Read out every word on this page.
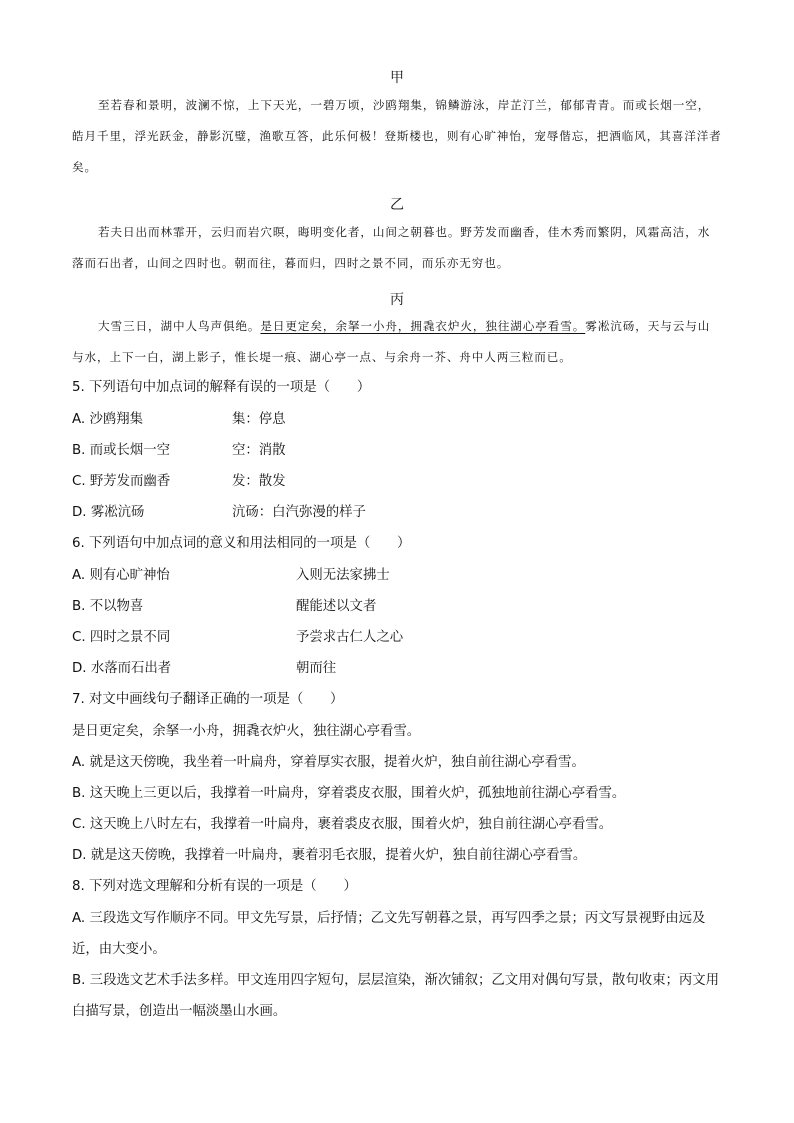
甲
至若春和景明，波澜不惊，上下天光，一碧万顷，沙鸥翔集，锦鳞游泳，岸芷汀兰，郁郁青青。而或长烟一空，皓月千里，浮光跃金，静影沉璧，渔歌互答，此乐何极！登斯楼也，则有心旷神怡，宠辱偕忘，把酒临风，其喜洋洋者矣。
乙
若夫日出而林霏开，云归而岩穴暝，晦明变化者，山间之朝暮也。野芳发而幽香，佳木秀而繁阴，风霜高洁，水落而石出者，山间之四时也。朝而往，暮而归，四时之景不同，而乐亦无穷也。
丙
大雪三日，湖中人鸟声俱绝。是日更定矣，余拏一小舟，拥毳衣炉火，独往湖心亭看雪。雾凇沆砀，天与云与山与水，上下一白，湖上影子，惟长堤一痕、湖心亭一点、与余舟一芥、舟中人两三粒而已。
5. 下列语句中加点词的解释有误的一项是（　　）
A. 沙鸥翔集	集：停息
B. 而或长烟一空	空：消散
C. 野芳发而幽香	发：散发
D. 雾凇沆砀	沆砀：白汽弥漫的样子
6. 下列语句中加点词的意义和用法相同的一项是（　　）
A. 则有心旷神怡	入则无法家拂士
B. 不以物喜	醒能述以文者
C. 四时之景不同	予尝求古仁人之心
D. 水落而石出者	朝而往
7. 对文中画线句子翻译正确的一项是（　　）
是日更定矣，余拏一小舟，拥毳衣炉火，独往湖心亭看雪。
A. 就是这天傍晚，我坐着一叶扁舟，穿着厚实衣服，提着火炉，独自前往湖心亭看雪。
B. 这天晚上三更以后，我撑着一叶扁舟，穿着裘皮衣服，围着火炉，孤独地前往湖心亭看雪。
C. 这天晚上八时左右，我撑着一叶扁舟，裹着裘皮衣服，围着火炉，独自前往湖心亭看雪。
D. 就是这天傍晚，我撑着一叶扁舟，裹着羽毛衣服，提着火炉，独自前往湖心亭看雪。
8. 下列对选文理解和分析有误的一项是（　　）
A. 三段选文写作顺序不同。甲文先写景，后抒情；乙文先写朝暮之景，再写四季之景；丙文写景视野由远及近，由大变小。
B. 三段选文艺术手法多样。甲文连用四字短句，层层渲染，渐次铺叙；乙文用对偶句写景，散句收束；丙文用白描写景，创造出一幅淡墨山水画。
